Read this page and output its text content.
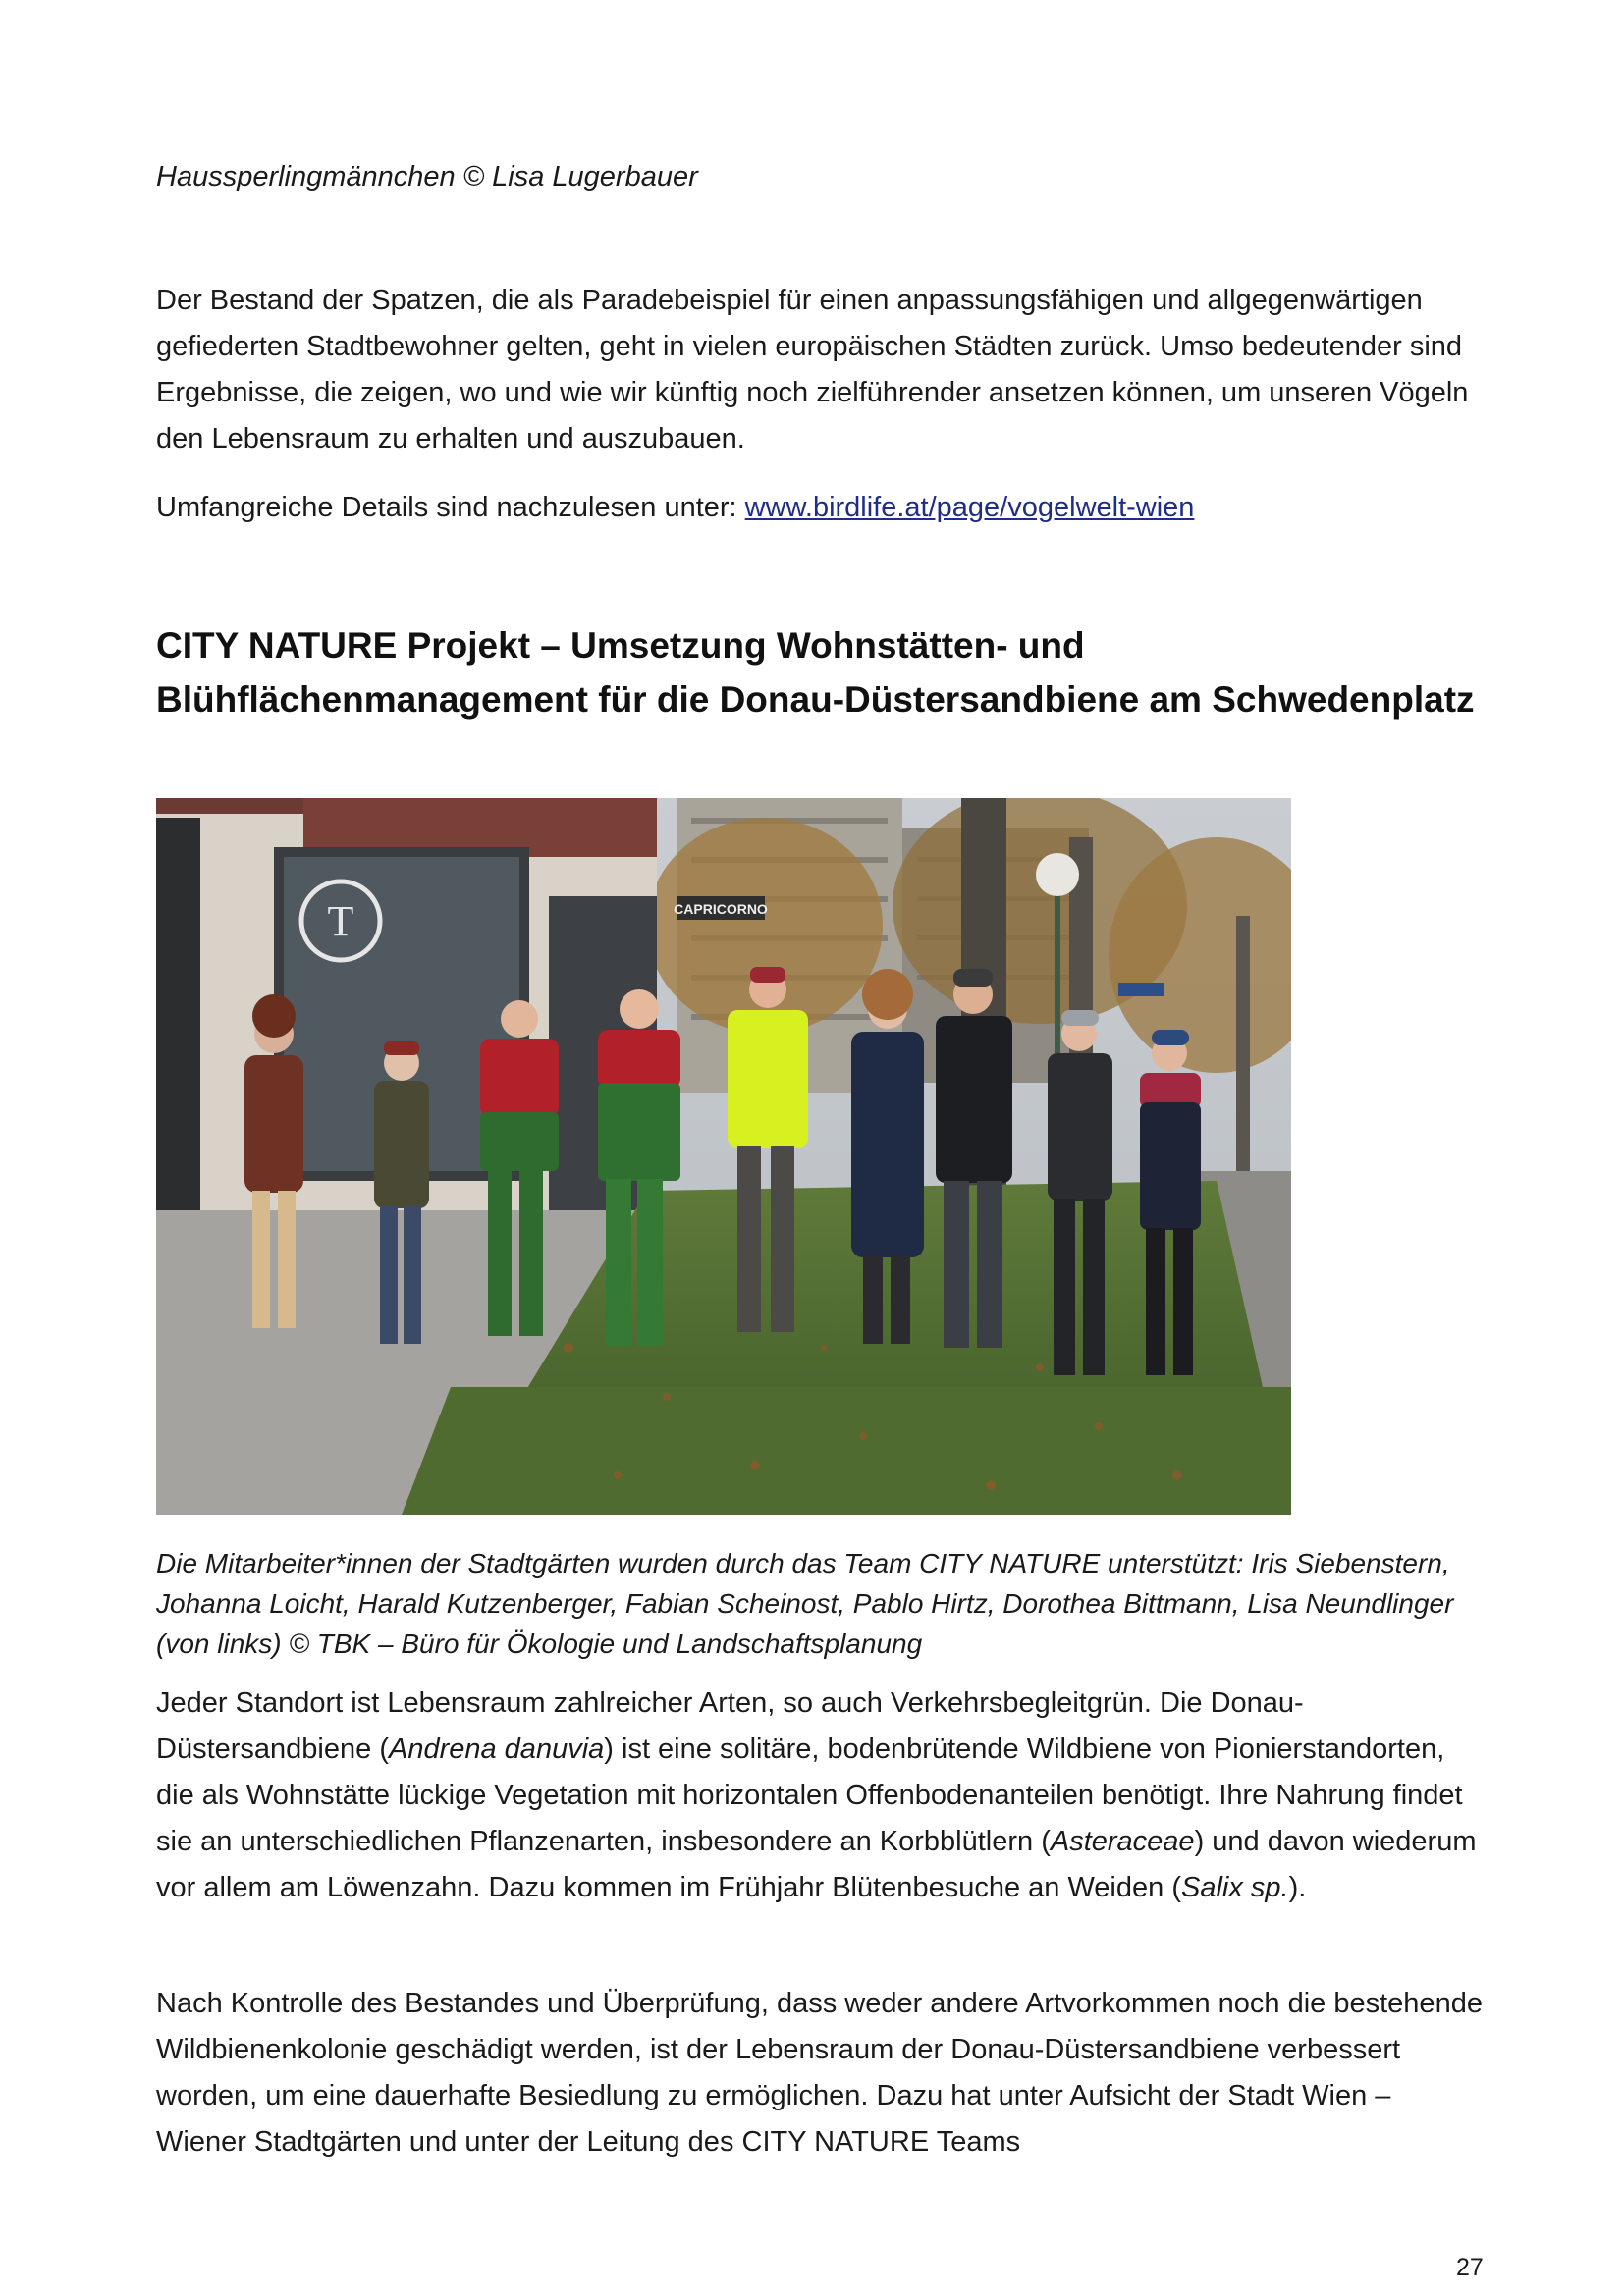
Haussperlingmännchen © Lisa Lugerbauer

Der Bestand der Spatzen, die als Paradebeispiel für einen anpassungsfähigen und allgegenwärtigen gefiederten Stadtbewohner gelten, geht in vielen europäischen Städten zurück. Umso bedeutender sind Ergebnisse, die zeigen, wo und wie wir künftig noch zielführender ansetzen können, um unseren Vögeln den Lebensraum zu erhalten und auszubauen.

Umfangreiche Details sind nachzulesen unter: www.birdlife.at/page/vogelwelt-wien

CITY NATURE Projekt – Umsetzung Wohnstätten- und Blühflächenmanagement für die Donau-Düstersandbiene am Schwedenplatz
T	CAPRICORNO

Die Mitarbeiter*innen der Stadtgärten wurden durch das Team CITY NATURE unterstützt: Iris Siebenstern, Johanna Loicht, Harald Kutzenberger, Fabian Scheinost, Pablo Hirtz, Dorothea Bittmann, Lisa Neundlinger (von links) © TBK – Büro für Ökologie und Landschaftsplanung

Jeder Standort ist Lebensraum zahlreicher Arten, so auch Verkehrsbegleitgrün. Die Donau-Düstersandbiene (Andrena danuvia) ist eine solitäre, bodenbrütende Wildbiene von Pionierstandorten, die als Wohnstätte lückige Vegetation mit horizontalen Offenbodenanteilen benötigt. Ihre Nahrung findet sie an unterschiedlichen Pflanzenarten, insbesondere an Korbblütlern (Asteraceae) und davon wiederum vor allem am Löwenzahn. Dazu kommen im Frühjahr Blütenbesuche an Weiden (Salix sp.).

Nach Kontrolle des Bestandes und Überprüfung, dass weder andere Artvorkommen noch die bestehende Wildbienenkolonie geschädigt werden, ist der Lebensraum der Donau-Düstersandbiene verbessert worden, um eine dauerhafte Besiedlung zu ermöglichen. Dazu hat unter Aufsicht der Stadt Wien – Wiener Stadtgärten und unter der Leitung des CITY NATURE Teams

27
